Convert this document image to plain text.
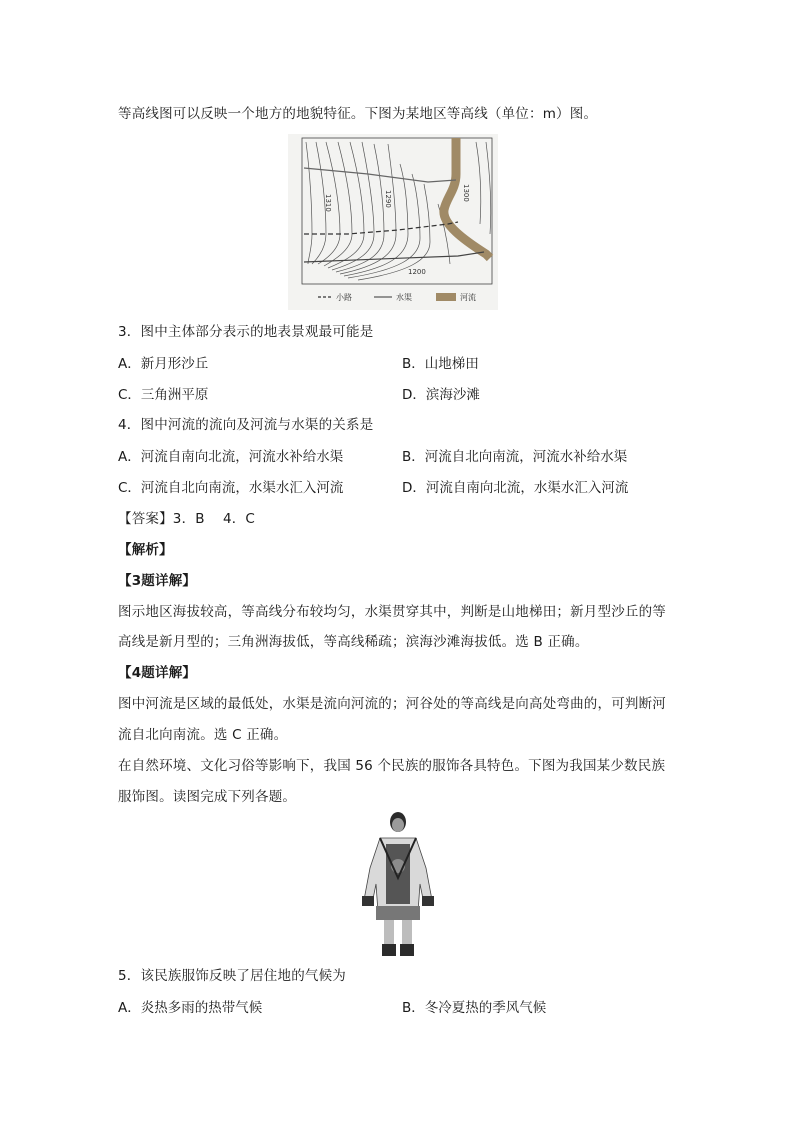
等高线图可以反映一个地方的地貌特征。下图为某地区等高线（单位：m）图。
1310	1290	1300
1200
小路	水渠	河流
3．图中主体部分表示的地表景观最可能是
A．新月形沙丘	B．山地梯田
C．三角洲平原	D．滨海沙滩
4．图中河流的流向及河流与水渠的关系是
A．河流自南向北流，河流水补给水渠	B．河流自北向南流，河流水补给水渠
C．河流自北向南流，水渠水汇入河流	D．河流自南向北流，水渠水汇入河流
【答案】3．B　 4．C
【解析】
【3题详解】
图示地区海拔较高，等高线分布较均匀，水渠贯穿其中，判断是山地梯田；新月型沙丘的等
高线是新月型的；三角洲海拔低，等高线稀疏；滨海沙滩海拔低。选 B 正确。
【4题详解】
图中河流是区域的最低处，水渠是流向河流的；河谷处的等高线是向高处弯曲的，可判断河
流自北向南流。选 C 正确。
在自然环境、文化习俗等影响下，我国 56 个民族的服饰各具特色。下图为我国某少数民族
服饰图。读图完成下列各题。
5．该民族服饰反映了居住地的气候为
A．炎热多雨的热带气候	B．冬冷夏热的季风气候
